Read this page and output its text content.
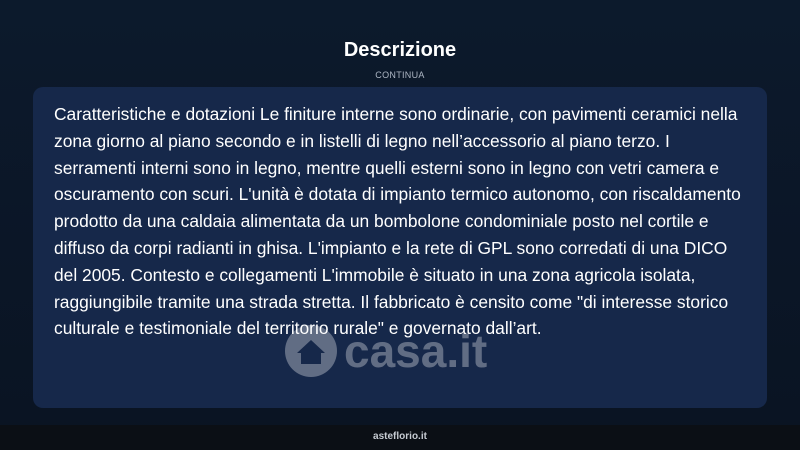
Descrizione
CONTINUA

Caratteristiche e dotazioni Le finiture interne sono ordinarie, con pavimenti ceramici nella zona giorno al piano secondo e in listelli di legno nell’accessorio al piano terzo. I serramenti interni sono in legno, mentre quelli esterni sono in legno con vetri camera e oscuramento con scuri. L'unità è dotata di impianto termico autonomo, con riscaldamento prodotto da una caldaia alimentata da un bombolone condominiale posto nel cortile e diffuso da corpi radianti in ghisa. L'impianto e la rete di GPL sono corredati di una DICO del 2005. Contesto e collegamenti L'immobile è situato in una zona agricola isolata, raggiungibile tramite una strada stretta. Il fabbricato è censito come "di interesse storico culturale e testimoniale del territorio rurale" e governato dall’art.

casa.it
asteflorio.it
